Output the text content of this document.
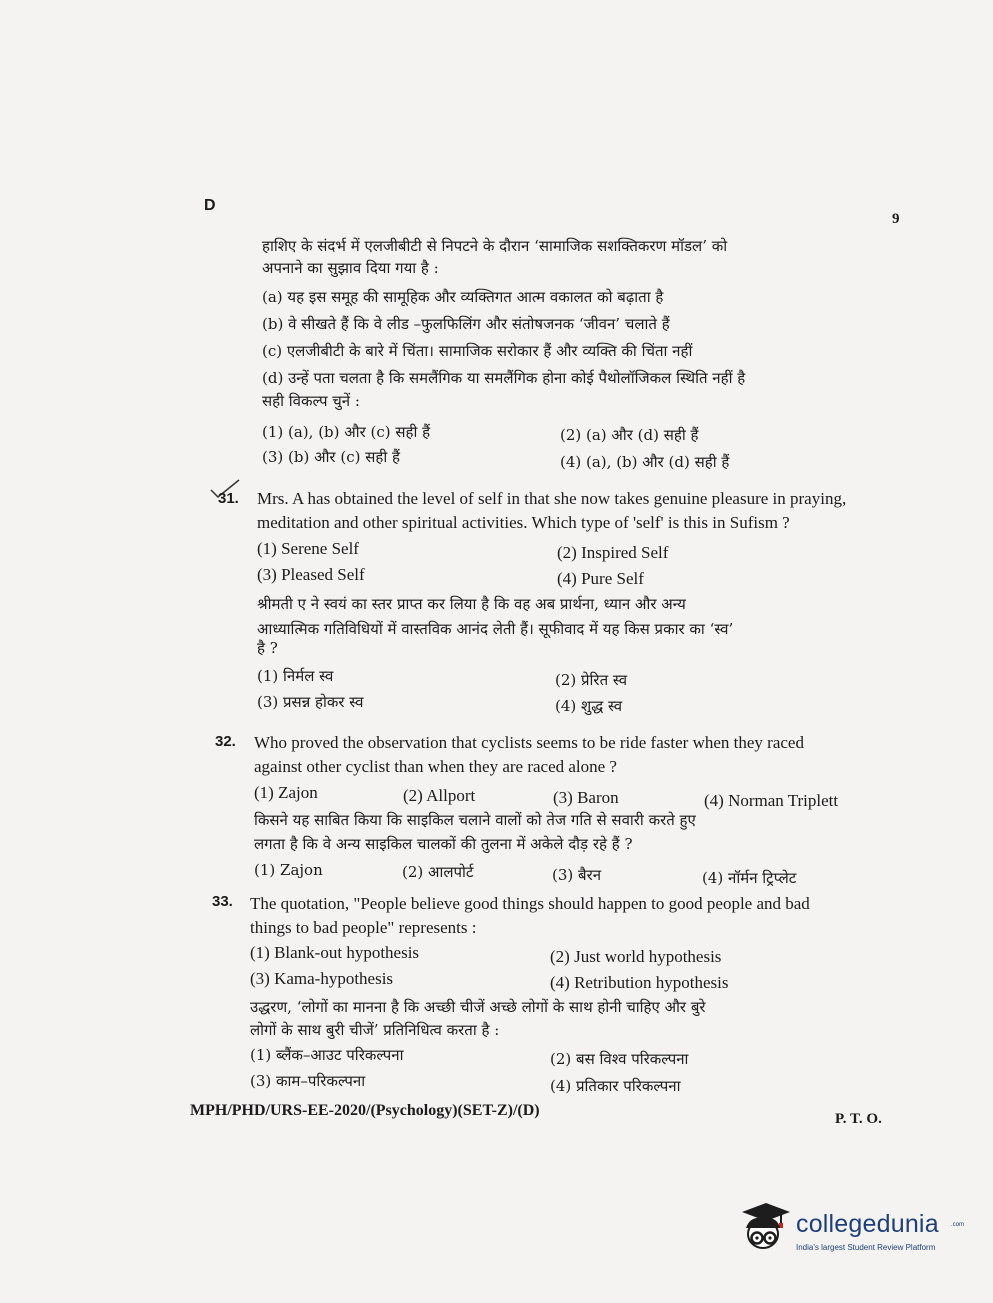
D
9
हाशिए के संदर्भ में एलजीबीटी से निपटने के दौरान ‘सामाजिक सशक्तिकरण मॉडल’ को
अपनाने का सुझाव दिया गया है :
(a) यह इस समूह की सामूहिक और व्यक्तिगत आत्म वकालत को बढ़ाता है
(b) वे सीखते हैं कि वे लीड –फुलफिलिंग और संतोषजनक ‘जीवन’ चलाते हैं
(c) एलजीबीटी के बारे में चिंता। सामाजिक सरोकार हैं और व्यक्ति की चिंता नहीं
(d) उन्हें पता चलता है कि समलैंगिक या समलैंगिक होना कोई पैथोलॉजिकल स्थिति नहीं है
सही विकल्प चुनें :
(1) (a), (b) और (c) सही हैं	(2) (a) और (d) सही हैं
(3) (b) और (c) सही हैं	(4) (a), (b) और (d) सही हैं
31. Mrs. A has obtained the level of self in that she now takes genuine pleasure in praying,
meditation and other spiritual activities. Which type of 'self' is this in Sufism ?
(1) Serene Self	(2) Inspired Self
(3) Pleased Self	(4) Pure Self
श्रीमती ए ने स्वयं का स्तर प्राप्त कर लिया है कि वह अब प्रार्थना, ध्यान और अन्य
आध्यात्मिक गतिविधियों में वास्तविक आनंद लेती हैं। सूफीवाद में यह किस प्रकार का ‘स्व’
है ?
(1) निर्मल स्व	(2) प्रेरित स्व
(3) प्रसन्न होकर स्व	(4) शुद्ध स्व
32. Who proved the observation that cyclists seems to be ride faster when they raced
against other cyclist than when they are raced alone ?
(1) Zajon	(2) Allport	(3) Baron	(4) Norman Triplett
किसने यह साबित किया कि साइकिल चलाने वालों को तेज गति से सवारी करते हुए
लगता है कि वे अन्य साइकिल चालकों की तुलना में अकेले दौड़ रहे हैं ?
(1) Zajon	(2) आलपोर्ट	(3) बैरन	(4) नॉर्मन ट्रिप्लेट
33. The quotation, "People believe good things should happen to good people and bad
things to bad people" represents :
(1) Blank-out hypothesis	(2) Just world hypothesis
(3) Kama-hypothesis	(4) Retribution hypothesis
उद्धरण, ‘लोगों का मानना है कि अच्छी चीजें अच्छे लोगों के साथ होनी चाहिए और बुरे
लोगों के साथ बुरी चीजें’ प्रतिनिधित्व करता है :
(1) ब्लैंक–आउट परिकल्पना	(2) बस विश्व परिकल्पना
(3) काम–परिकल्पना	(4) प्रतिकार परिकल्पना
MPH/PHD/URS-EE-2020/(Psychology)(SET-Z)/(D)	P. T. O.
collegedunia .com
India's largest Student Review Platform
